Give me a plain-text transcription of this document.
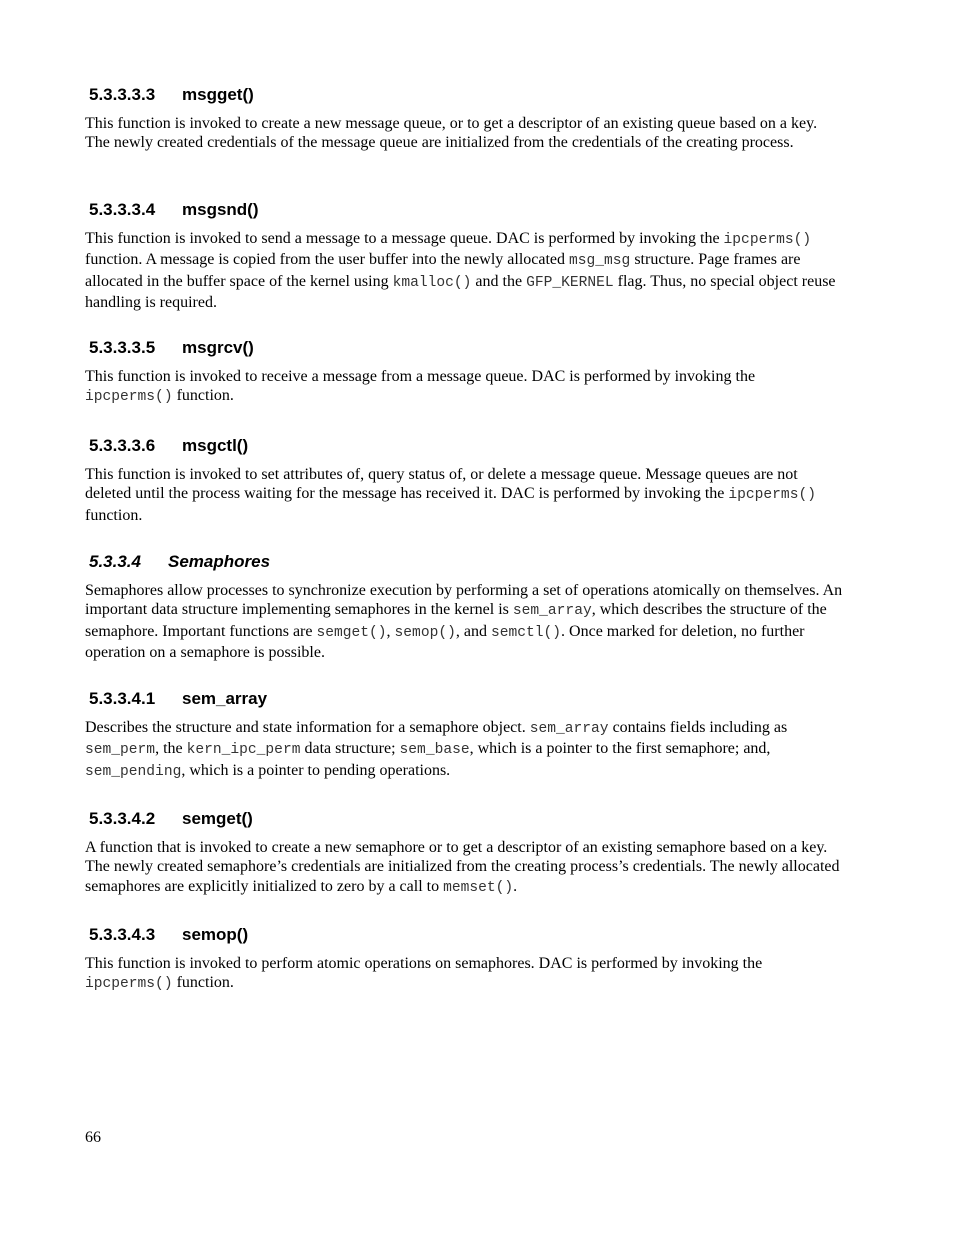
5.3.3.3.3 msgget()

This function is invoked to create a new message queue, or to get a descriptor of an existing queue based on a key. The newly created credentials of the message queue are initialized from the credentials of the creating process.

5.3.3.3.4 msgsnd()

This function is invoked to send a message to a message queue. DAC is performed by invoking the ipcperms() function. A message is copied from the user buffer into the newly allocated msg_msg structure. Page frames are allocated in the buffer space of the kernel using kmalloc() and the GFP_KERNEL flag. Thus, no special object reuse handling is required.

5.3.3.3.5 msgrcv()

This function is invoked to receive a message from a message queue. DAC is performed by invoking the ipcperms() function.

5.3.3.3.6 msgctl()

This function is invoked to set attributes of, query status of, or delete a message queue. Message queues are not deleted until the process waiting for the message has received it. DAC is performed by invoking the ipcperms() function.

5.3.3.4 Semaphores

Semaphores allow processes to synchronize execution by performing a set of operations atomically on themselves. An important data structure implementing semaphores in the kernel is sem_array, which describes the structure of the semaphore. Important functions are semget(), semop(), and semctl(). Once marked for deletion, no further operation on a semaphore is possible.

5.3.3.4.1 sem_array

Describes the structure and state information for a semaphore object. sem_array contains fields including as sem_perm, the kern_ipc_perm data structure; sem_base, which is a pointer to the first semaphore; and, sem_pending, which is a pointer to pending operations.

5.3.3.4.2 semget()

A function that is invoked to create a new semaphore or to get a descriptor of an existing semaphore based on a key. The newly created semaphore’s credentials are initialized from the creating process’s credentials. The newly allocated semaphores are explicitly initialized to zero by a call to memset().

5.3.3.4.3 semop()

This function is invoked to perform atomic operations on semaphores. DAC is performed by invoking the ipcperms() function.

66
